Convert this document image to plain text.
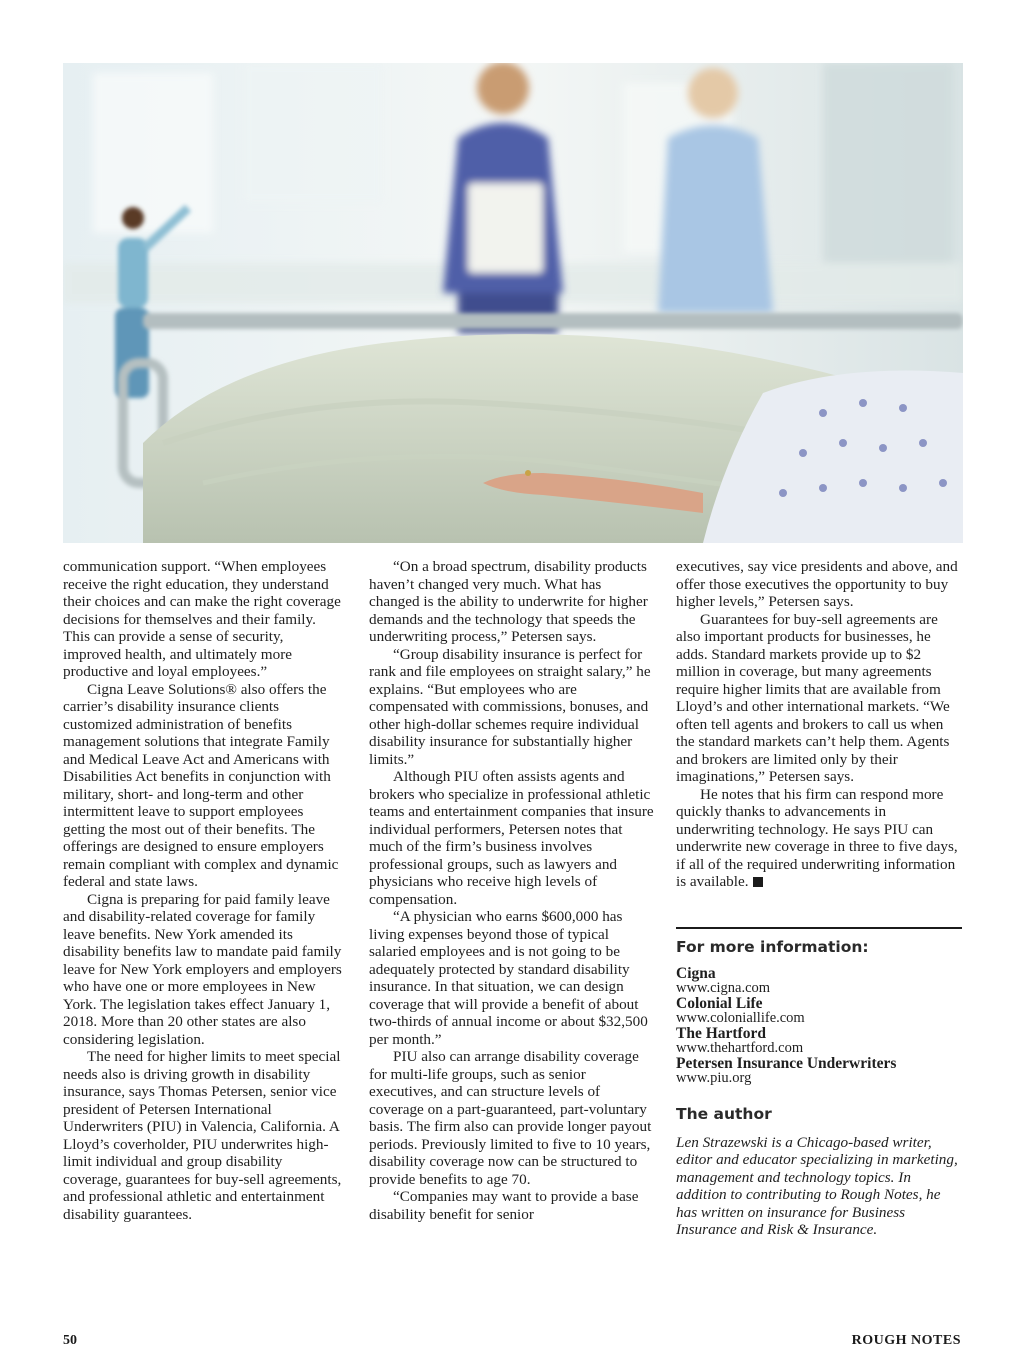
communication support. “When employees receive the right education, they understand their choices and can make the right coverage decisions for themselves and their family. This can provide a sense of security, improved health, and ultimately more productive and loyal employees.”

Cigna Leave Solutions® also offers the carrier’s disability insurance clients customized administration of benefits management solutions that integrate Family and Medical Leave Act and Americans with Disabilities Act benefits in conjunction with military, short- and long-term and other intermittent leave to support employees getting the most out of their benefits. The offerings are designed to ensure employers remain compliant with complex and dynamic federal and state laws.

Cigna is preparing for paid family leave and disability-related coverage for family leave benefits. New York amended its disability benefits law to mandate paid family leave for New York employers and employers who have one or more employees in New York. The legislation takes effect January 1, 2018. More than 20 other states are also considering legislation.

The need for higher limits to meet special needs also is driving growth in disability insurance, says Thomas Petersen, senior vice president of Petersen International Underwriters (PIU) in Valencia, California. A Lloyd’s coverholder, PIU underwrites high-limit individual and group disability coverage, guarantees for buy-sell agreements, and professional athletic and entertainment disability guarantees.

“On a broad spectrum, disability products haven’t changed very much. What has changed is the ability to underwrite for higher demands and the technology that speeds the underwriting process,” Petersen says.

“Group disability insurance is perfect for rank and file employees on straight salary,” he explains. “But employees who are compensated with commissions, bonuses, and other high-dollar schemes require individual disability insurance for substantially higher limits.”

Although PIU often assists agents and brokers who specialize in professional athletic teams and entertainment companies that insure individual performers, Petersen notes that much of the firm’s business involves professional groups, such as lawyers and physicians who receive high levels of compensation.

“A physician who earns $600,000 has living expenses beyond those of typical salaried employees and is not going to be adequately protected by standard disability insurance. In that situation, we can design coverage that will provide a benefit of about two-thirds of annual income or about $32,500 per month.”

PIU also can arrange disability coverage for multi-life groups, such as senior executives, and can structure levels of coverage on a part-guaranteed, part-voluntary basis. The firm also can provide longer payout periods. Previously limited to five to 10 years, disability coverage now can be structured to provide benefits to age 70.

“Companies may want to provide a base disability benefit for senior

executives, say vice presidents and above, and offer those executives the opportunity to buy higher levels,” Petersen says.

Guarantees for buy-sell agreements are also important products for businesses, he adds. Standard markets provide up to $2 million in coverage, but many agreements require higher limits that are available from Lloyd’s and other international markets. “We often tell agents and brokers to call us when the standard markets can’t help them. Agents and brokers are limited only by their imaginations,” Petersen says.

He notes that his firm can respond more quickly thanks to advancements in underwriting technology. He says PIU can underwrite new coverage in three to five days, if all of the required underwriting information is available.

For more information:
Cigna
www.cigna.com
Colonial Life
www.coloniallife.com
The Hartford
www.thehartford.com
Petersen Insurance Underwriters
www.piu.org
The author
Len Strazewski is a Chicago-based writer, editor and educator specializing in marketing, management and technology topics. In addition to contributing to Rough Notes, he has written on insurance for Business Insurance and Risk & Insurance.
50	ROUGH NOTES
